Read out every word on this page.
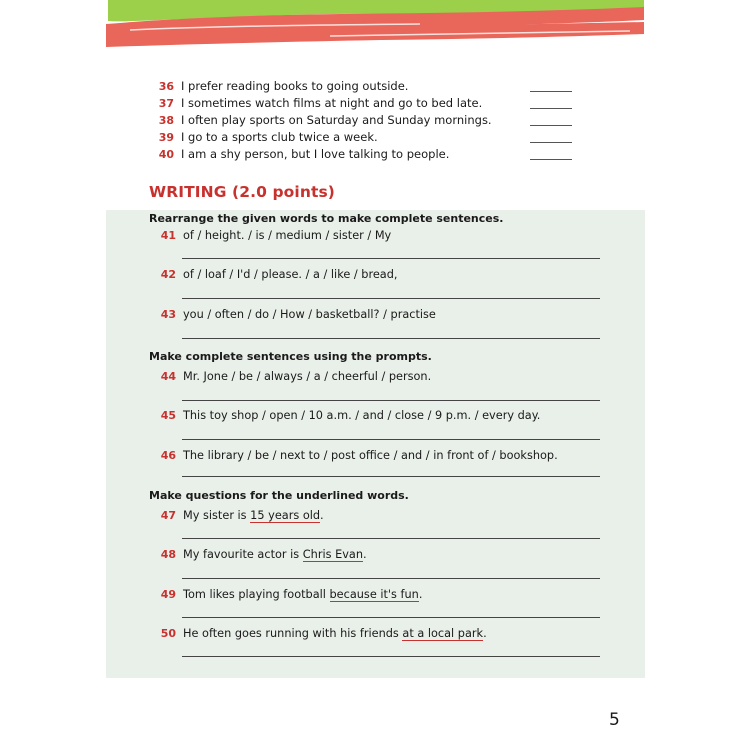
36 I prefer reading books to going outside.
37 I sometimes watch films at night and go to bed late.
38 I often play sports on Saturday and Sunday mornings.
39 I go to a sports club twice a week.
40 I am a shy person, but I love talking to people.
WRITING (2.0 points)
Rearrange the given words to make complete sentences.
41 of / height. / is / medium / sister / My
42 of / loaf / I'd / please. / a / like / bread,
43 you / often / do / How / basketball? / practise
Make complete sentences using the prompts.
44 Mr. Jone / be / always / a / cheerful / person.
45 This toy shop / open / 10 a.m. / and / close / 9 p.m. / every day.
46 The library / be / next to / post office / and / in front of / bookshop.
Make questions for the underlined words.
47 My sister is 15 years old.
48 My favourite actor is Chris Evan.
49 Tom likes playing football because it's fun.
50 He often goes running with his friends at a local park.
5
